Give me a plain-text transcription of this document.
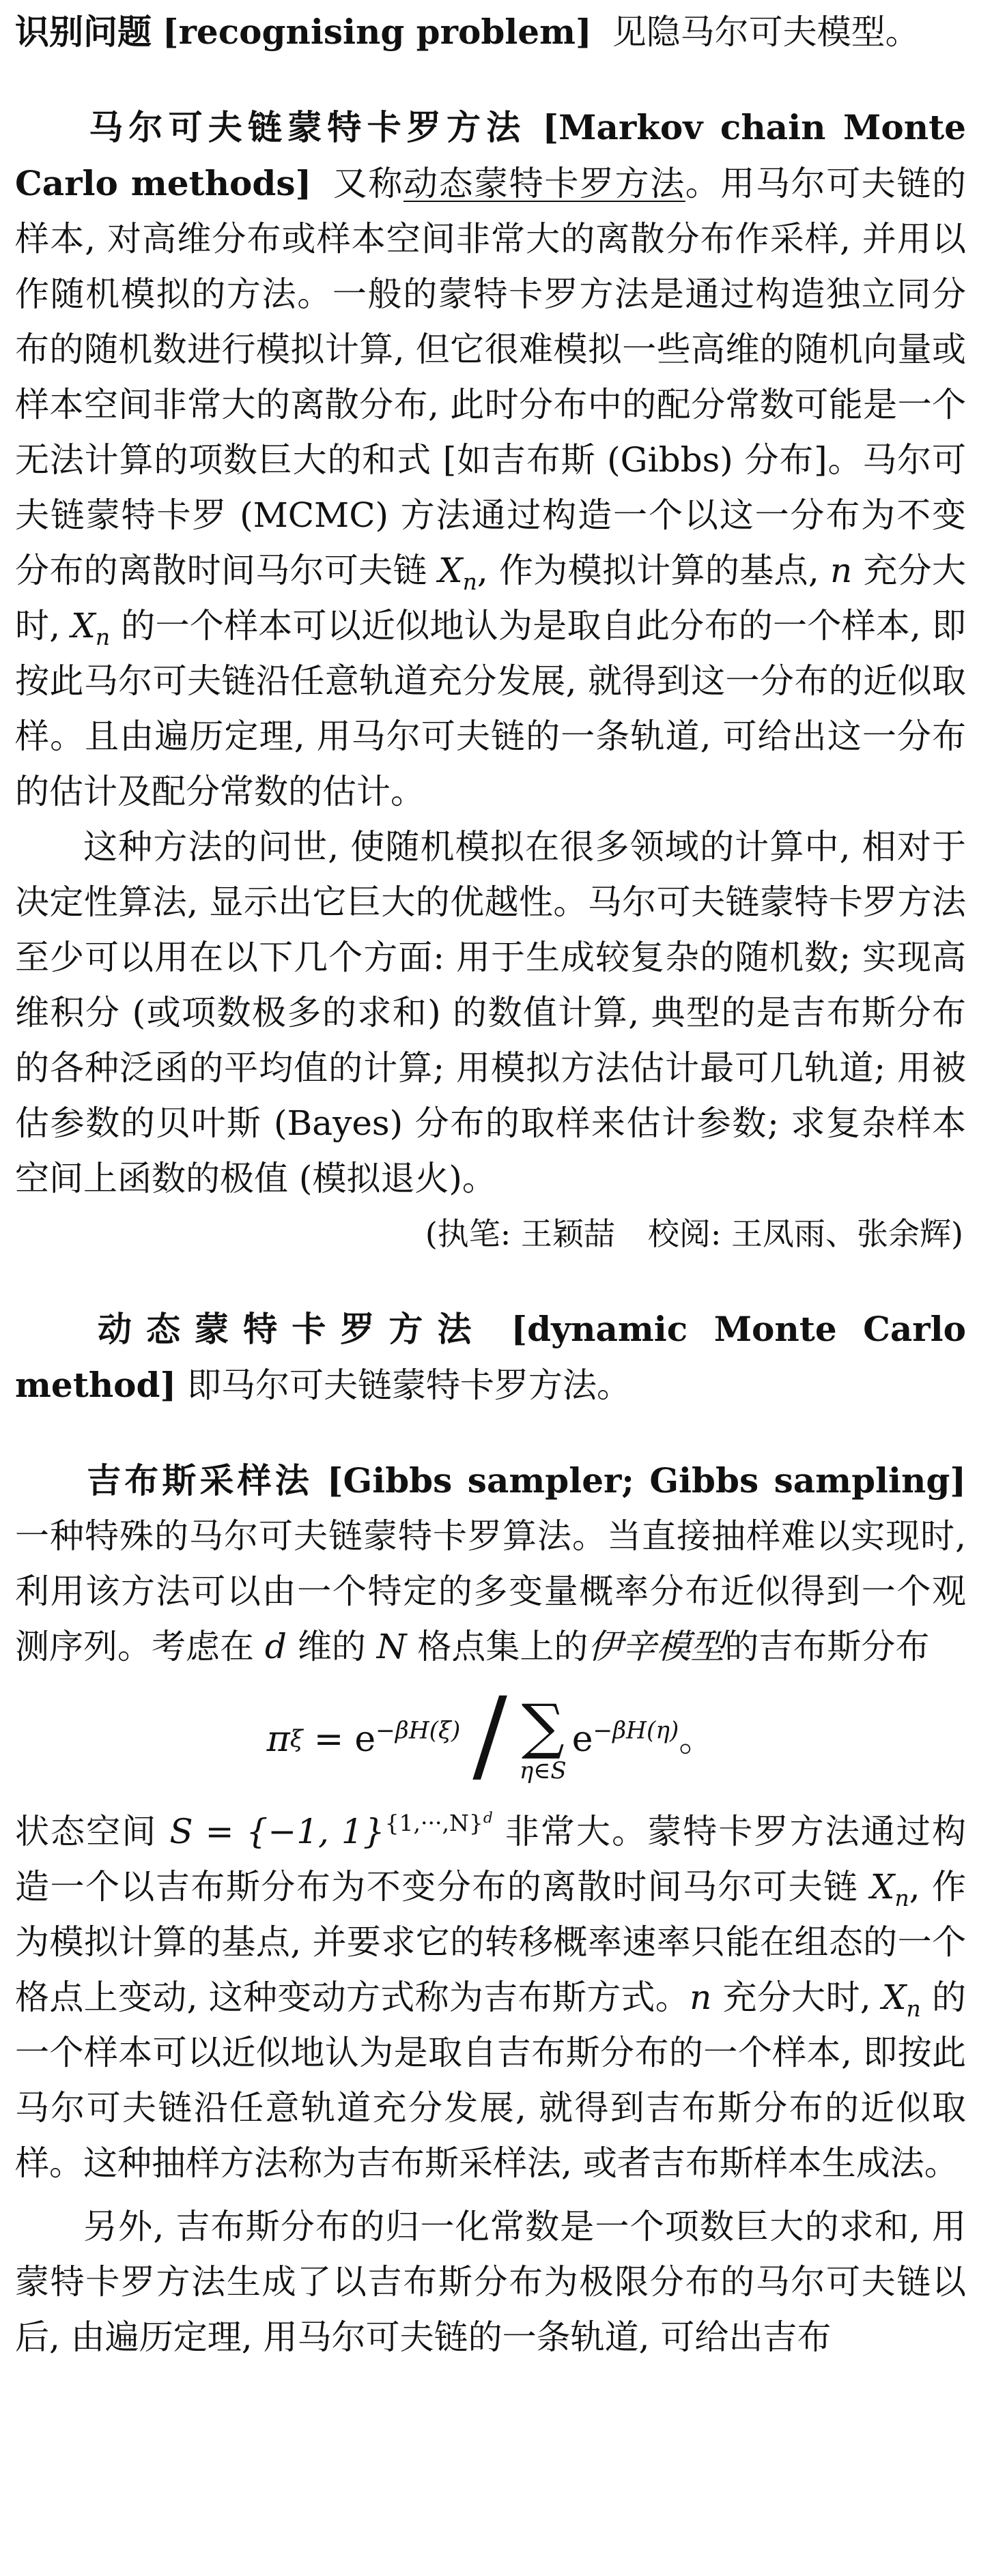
识别问题 [recognising problem] 见隐马尔可夫模型。

马尔可夫链蒙特卡罗方法 [Markov chain Monte Carlo methods] 又称动态蒙特卡罗方法。用马尔可夫链的样本, 对高维分布或样本空间非常大的离散分布作采样, 并用以作随机模拟的方法。一般的蒙特卡罗方法是通过构造独立同分布的随机数进行模拟计算, 但它很难模拟一些高维的随机向量或样本空间非常大的离散分布, 此时分布中的配分常数可能是一个无法计算的项数巨大的和式 [如吉布斯 (Gibbs) 分布]。马尔可夫链蒙特卡罗 (MCMC) 方法通过构造一个以这一分布为不变分布的离散时间马尔可夫链 $X_n$, 作为模拟计算的基点, n 充分大时, $X_n$ 的一个样本可以近似地认为是取自此分布的一个样本, 即按此马尔可夫链沿任意轨道充分发展, 就得到这一分布的近似取样。且由遍历定理, 用马尔可夫链的一条轨道, 可给出这一分布的估计及配分常数的估计。

这种方法的问世, 使随机模拟在很多领域的计算中, 相对于决定性算法, 显示出它巨大的优越性。马尔可夫链蒙特卡罗方法至少可以用在以下几个方面: 用于生成较复杂的随机数; 实现高维积分 (或项数极多的求和) 的数值计算, 典型的是吉布斯分布的各种泛函的平均值的计算; 用模拟方法估计最可几轨道; 用被估参数的贝叶斯 (Bayes) 分布的取样来估计参数; 求复杂样本空间上函数的极值 (模拟退火)。

(执笔: 王颖喆 校阅: 王凤雨、张余辉)

动态蒙特卡罗方法 [dynamic Monte Carlo method] 即马尔可夫链蒙特卡罗方法。

吉布斯采样法 [Gibbs sampler; Gibbs sampling] 一种特殊的马尔可夫链蒙特卡罗算法。当直接抽样难以实现时, 利用该方法可以由一个特定的多变量概率分布近似得到一个观测序列。考虑在 d 维的 N 格点集上的伊辛模型的吉布斯分布

π $\xi = e^{-\beta H(\xi)}$ / ∑
η∈S
$e^{-\beta H(\eta)}$ 。

状态空间 S = {−1, 1}$^{\{1,\cdot\cdot\cdot,N\}^d}$ 非常大。蒙特卡罗方法通过构造一个以吉布斯分布为不变分布的离散时间马尔可夫链 $X_n$, 作为模拟计算的基点, 并要求它的转移概率速率只能在组态的一个格点上变动, 这种变动方式称为吉布斯方式。n 充分大时, $X_n$ 的一个样本可以近似地认为是取自吉布斯分布的一个样本, 即按此马尔可夫链沿任意轨道充分发展, 就得到吉布斯分布的近似取样。这种抽样方法称为吉布斯采样法, 或者吉布斯样本生成法。

另外, 吉布斯分布的归一化常数是一个项数巨大的求和, 用蒙特卡罗方法生成了以吉布斯分布为极限分布的马尔可夫链以后, 由遍历定理, 用马尔可夫链的一条轨道, 可给出吉布
